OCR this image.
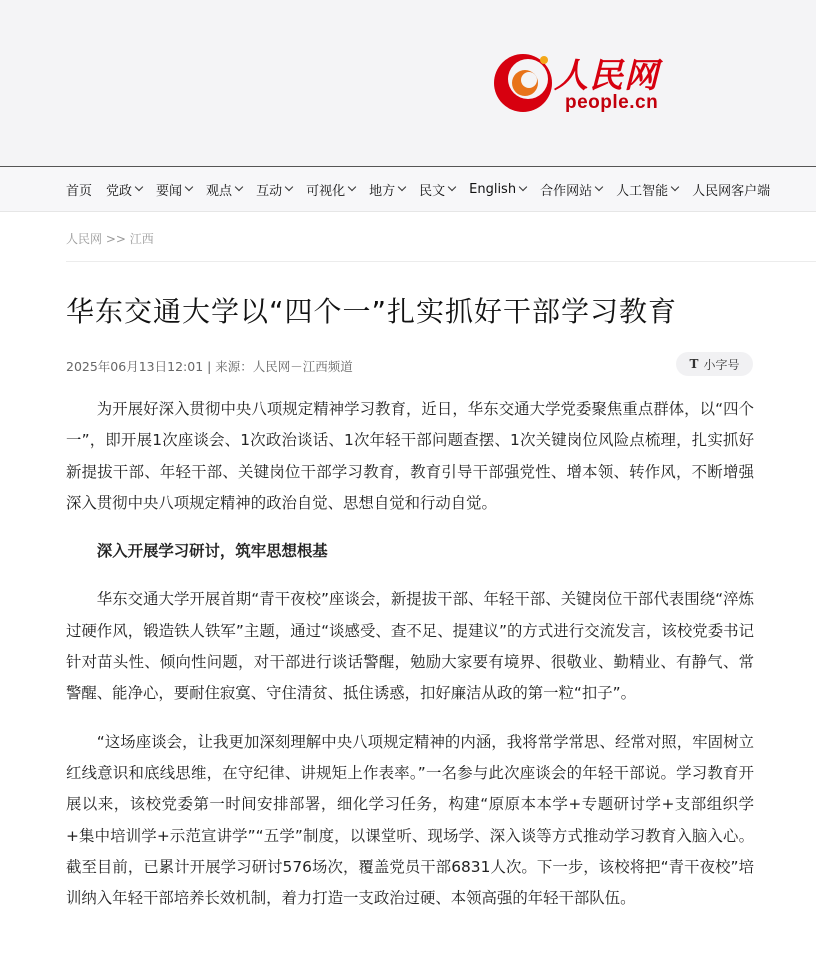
人民网
people.cn
首页 党政 要闻 观点 互动 可视化 地方 民文 English 合作网站 人工智能 人民网客户端
人民网 >> 江西
华东交通大学以“四个一”扎实抓好干部学习教育
2025年06月13日12:01 | 来源：人民网－江西频道	T 小字号

为开展好深入贯彻中央八项规定精神学习教育，近日，华东交通大学党委聚焦重点群体，以“四个一”，即开展1次座谈会、1次政治谈话、1次年轻干部问题查摆、1次关键岗位风险点梳理，扎实抓好新提拔干部、年轻干部、关键岗位干部学习教育，教育引导干部强党性、增本领、转作风，不断增强深入贯彻中央八项规定精神的政治自觉、思想自觉和行动自觉。

深入开展学习研讨，筑牢思想根基

华东交通大学开展首期“青干夜校”座谈会，新提拔干部、年轻干部、关键岗位干部代表围绕“淬炼过硬作风，锻造铁人铁军”主题，通过“谈感受、查不足、提建议”的方式进行交流发言，该校党委书记针对苗头性、倾向性问题，对干部进行谈话警醒，勉励大家要有境界、很敬业、勤精业、有静气、常警醒、能净心，要耐住寂寞、守住清贫、抵住诱惑，扣好廉洁从政的第一粒“扣子”。

“这场座谈会，让我更加深刻理解中央八项规定精神的内涵，我将常学常思、经常对照，牢固树立红线意识和底线思维，在守纪律、讲规矩上作表率。”一名参与此次座谈会的年轻干部说。学习教育开展以来，该校党委第一时间安排部署，细化学习任务，构建“原原本本学+专题研讨学+支部组织学+集中培训学+示范宣讲学”“五学”制度，以课堂听、现场学、深入谈等方式推动学习教育入脑入心。截至目前，已累计开展学习研讨576场次，覆盖党员干部6831人次。下一步，该校将把“青干夜校”培训纳入年轻干部培养长效机制，着力打造一支政治过硬、本领高强的年轻干部队伍。
